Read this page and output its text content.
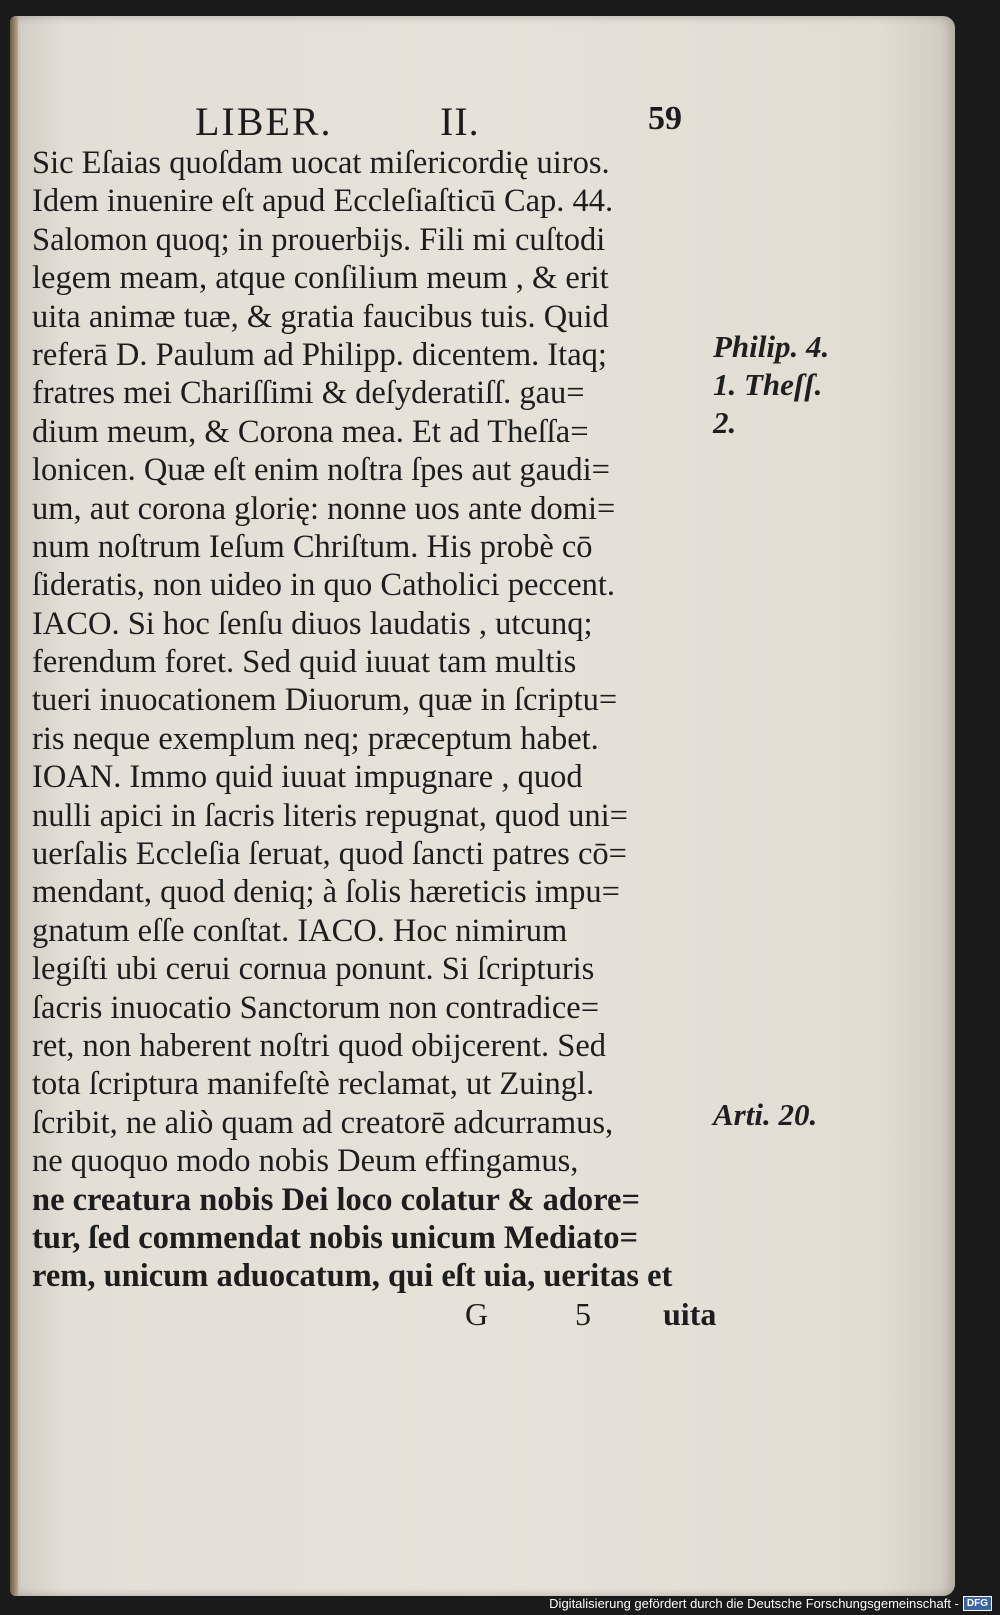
LIBER.	II.	59
Sic Eſaias quoſdam uocat miſericordię uiros.
Idem inuenire eſt apud Eccleſiaſticū Cap. 44.
Salomon quoq; in prouerbijs. Fili mi cuſtodi
legem meam, atque conſilium meum , & erit
uita animæ tuæ, & gratia faucibus tuis. Quid
referā D. Paulum ad Philipp. dicentem. Itaq;
fratres mei Chariſſimi & deſyderatiſſ. gau=
dium meum, & Corona mea. Et ad Theſſa=
lonicen. Quæ eſt enim noſtra ſpes aut gaudi=
um, aut corona glorię: nonne uos ante domi=
num noſtrum Ieſum Chriſtum. His probè cō
ſideratis, non uideo in quo Catholici peccent.
IACO. Si hoc ſenſu diuos laudatis , utcunq;
ferendum foret. Sed quid iuuat tam multis
tueri inuocationem Diuorum, quæ in ſcriptu=
ris neque exemplum neq; præceptum habet.
IOAN. Immo quid iuuat impugnare , quod
nulli apici in ſacris literis repugnat, quod uni=
uerſalis Eccleſia ſeruat, quod ſancti patres cō=
mendant, quod deniq; à ſolis hæreticis impu=
gnatum eſſe conſtat. IACO. Hoc nimirum
legiſti ubi cerui cornua ponunt. Si ſcripturis
ſacris inuocatio Sanctorum non contradice=
ret, non haberent noſtri quod obijcerent. Sed
tota ſcriptura manifeſtè reclamat, ut Zuingl.
ſcribit, ne aliò quam ad creatorē adcurramus,
ne quoquo modo nobis Deum effingamus,
ne creatura nobis Dei loco colatur & adore=
tur, ſed commendat nobis unicum Mediato=
rem, unicum aduocatum, qui eſt uia, ueritas et
Philip. 4.
1. Theſſ.
2.
Arti. 20.
G	5 uita
Digitalisierung gefördert durch die Deutsche Forschungsgemeinschaft - DFG
